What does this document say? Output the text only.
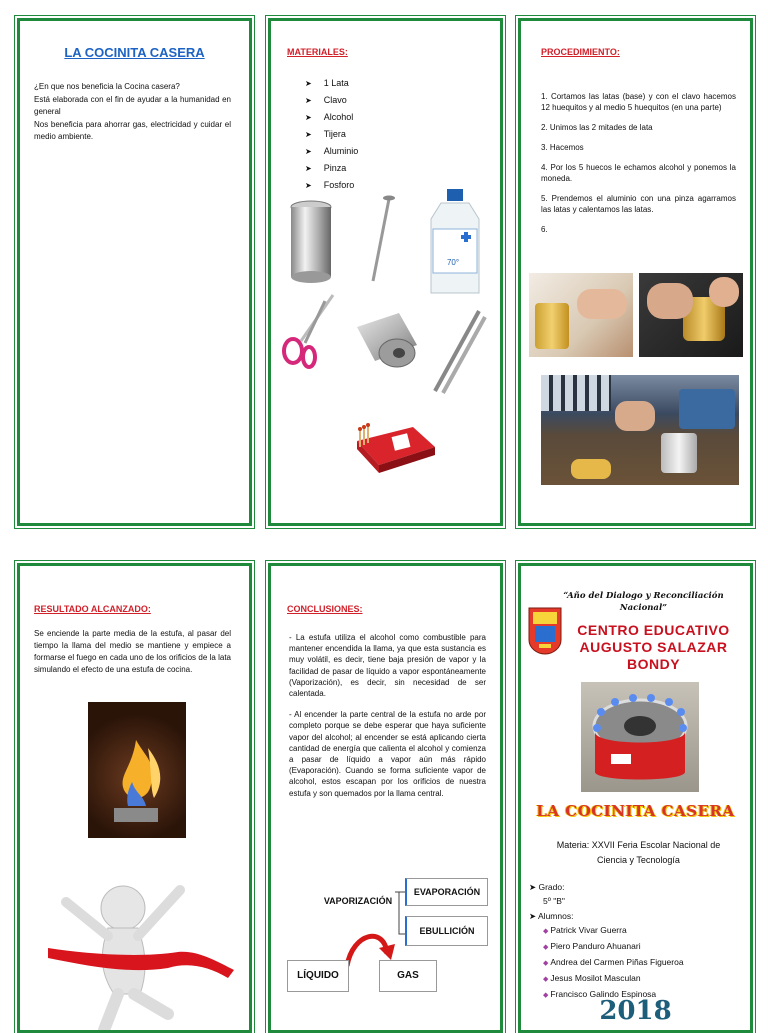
LA COCINITA CASERA
¿En que nos beneficia la Cocina casera?
Está elaborada con el fin de ayudar a la humanidad en general
Nos beneficia para ahorrar gas, electricidad y cuidar el medio ambiente.
MATERIALES:
➤ 1 Lata
➤ Clavo
➤ Alcohol
➤ Tijera
➤ Aluminio
➤ Pinza
➤ Fosforo
70°
PROCEDIMIENTO:

1. Cortamos las latas (base) y con el clavo hacemos 12 huequitos y al medio 5 huequitos (en una parte)

2. Unimos las 2 mitades de lata

3. Hacemos

4. Por los 5 huecos le echamos alcohol y ponemos la moneda.

5. Prendemos el aluminio con una pinza agarramos las latas y calentamos las latas.

6.

RESULTADO ALCANZADO:
Se enciende la parte media de la estufa, al pasar del tiempo la llama del medio se mantiene y empiece a formarse el fuego en cada uno de los orificios de la lata simulando el efecto de una estufa de cocina.
CONCLUSIONES:

- La estufa utiliza el alcohol como combustible para mantener encendida la llama, ya que esta sustancia es muy volátil, es decir, tiene baja presión de vapor y la facilidad de pasar de líquido a vapor espontáneamente (Vaporización), es decir, sin necesidad de ser calentada.

- Al encender la parte central de la estufa no arde por completo porque se debe esperar que haya suficiente vapor del alcohol; al encender se está aplicando cierta cantidad de energía que calienta el alcohol y comienza a pasar de líquido a vapor aún más rápido (Evaporación). Cuando se forma suficiente vapor de alcohol, estos escapan por los orificios de nuestra estufa y son quemados por la llama central.

VAPORIZACIÓN
EVAPORACIÓN
EBULLICIÓN
LÍQUIDO	GAS
“Año del Dialogo y Reconciliación Nacional”
CENTRO EDUCATIVO AUGUSTO SALAZAR BONDY
LA COCINITA CASERA
Materia: XXVII Feria Escolar Nacional de Ciencia y Tecnología
➤ Grado:
5º "B"
➤ Alumnos:
◆ Patrick Vivar Guerra
◆ Piero Panduro Ahuanari
◆ Andrea del Carmen Piñas Figueroa
◆ Jesus Mosilot Masculan
◆ Francisco Galindo Espinosa
2018
